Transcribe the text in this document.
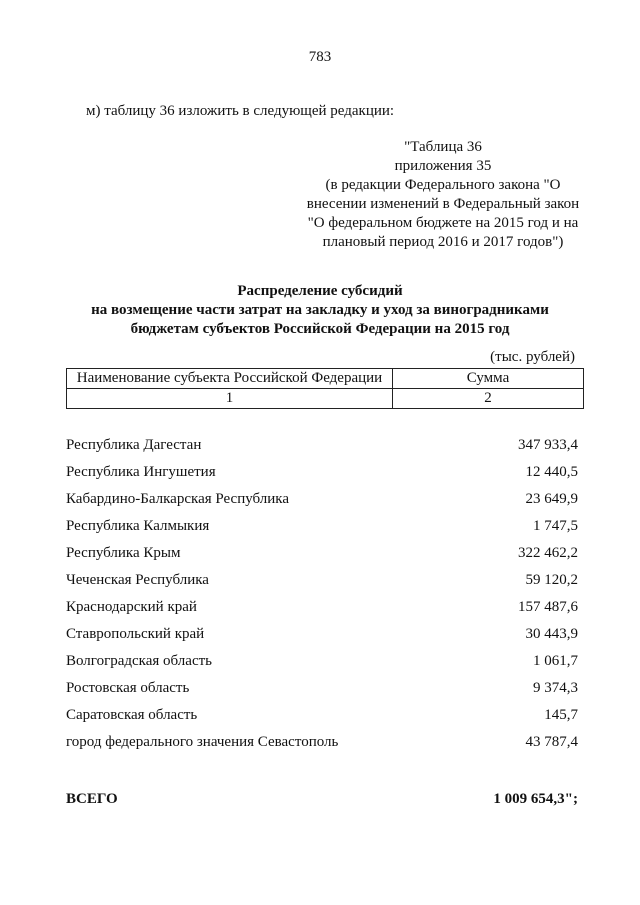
783
м) таблицу 36 изложить в следующей редакции:
"Таблица 36
приложения 35
(в редакции Федерального закона "О
внесении изменений в Федеральный закон
"О федеральном бюджете на 2015 год и на
плановый период 2016 и 2017 годов")
Распределение субсидий
на возмещение части затрат на закладку и уход за виноградниками
бюджетам субъектов Российской Федерации на 2015 год
(тыс. рублей)
Наименование субъекта Российской Федерации	Сумма
1	2
Республика Дагестан	347 933,4
Республика Ингушетия	12 440,5
Кабардино-Балкарская Республика	23 649,9
Республика Калмыкия	1 747,5
Республика Крым	322 462,2
Чеченская Республика	59 120,2
Краснодарский край	157 487,6
Ставропольский край	30 443,9
Волгоградская область	1 061,7
Ростовская область	9 374,3
Саратовская область	145,7
город федерального значения Севастополь	43 787,4
ВСЕГО	1 009 654,3";
